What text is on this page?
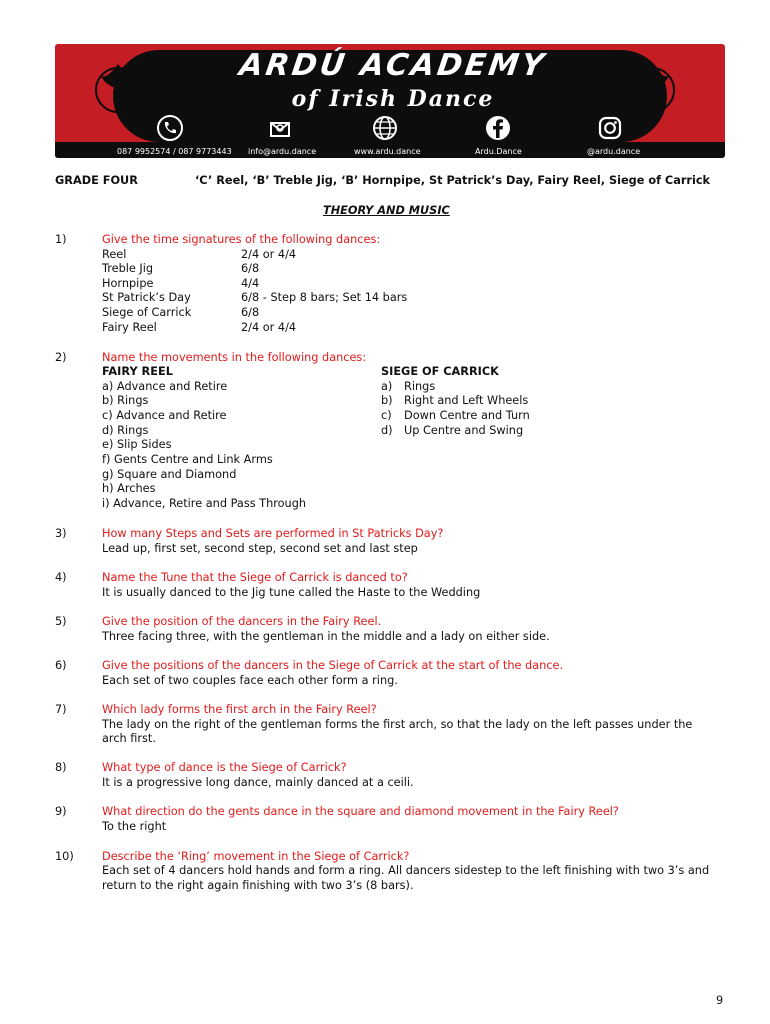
ARDÚ ACADEMY
of Irish Dance
087 9952574 / 087 9773443 info@ardu.dance	www.ardu.dance	Ardu.Dance	@ardu.dance
GRADE FOUR	‘C’ Reel, ‘B’ Treble Jig, ‘B’ Hornpipe, St Patrick’s Day, Fairy Reel, Siege of Carrick
THEORY AND MUSIC
1)	Give the time signatures of the following dances:
Reel	2/4 or 4/4
Treble Jig	6/8
Hornpipe	4/4
St Patrick’s Day	6/8 - Step 8 bars; Set 14 bars
Siege of Carrick	6/8
Fairy Reel	2/4 or 4/4
2)	Name the movements in the following dances:
FAIRY REEL
a) Advance and Retire
b) Rings
c) Advance and Retire
d) Rings
e) Slip Sides
f) Gents Centre and Link Arms
g) Square and Diamond
h) Arches
i) Advance, Retire and Pass Through
SIEGE OF CARRICK
a) Rings
b) Right and Left Wheels
c) Down Centre and Turn
d) Up Centre and Swing
3)	How many Steps and Sets are performed in St Patricks Day?
Lead up, first set, second step, second set and last step
4)	Name the Tune that the Siege of Carrick is danced to?
It is usually danced to the Jig tune called the Haste to the Wedding
5)	Give the position of the dancers in the Fairy Reel.
Three facing three, with the gentleman in the middle and a lady on either side.
6)	Give the positions of the dancers in the Siege of Carrick at the start of the dance.
Each set of two couples face each other form a ring.
7)	Which lady forms the first arch in the Fairy Reel?
The lady on the right of the gentleman forms the first arch, so that the lady on the left passes under the
arch first.
8)	What type of dance is the Siege of Carrick?
It is a progressive long dance, mainly danced at a ceili.
9)	What direction do the gents dance in the square and diamond movement in the Fairy Reel?
To the right
10) Describe the ‘Ring’ movement in the Siege of Carrick?
Each set of 4 dancers hold hands and form a ring. All dancers sidestep to the left finishing with two 3’s and
return to the right again finishing with two 3’s (8 bars).
9
